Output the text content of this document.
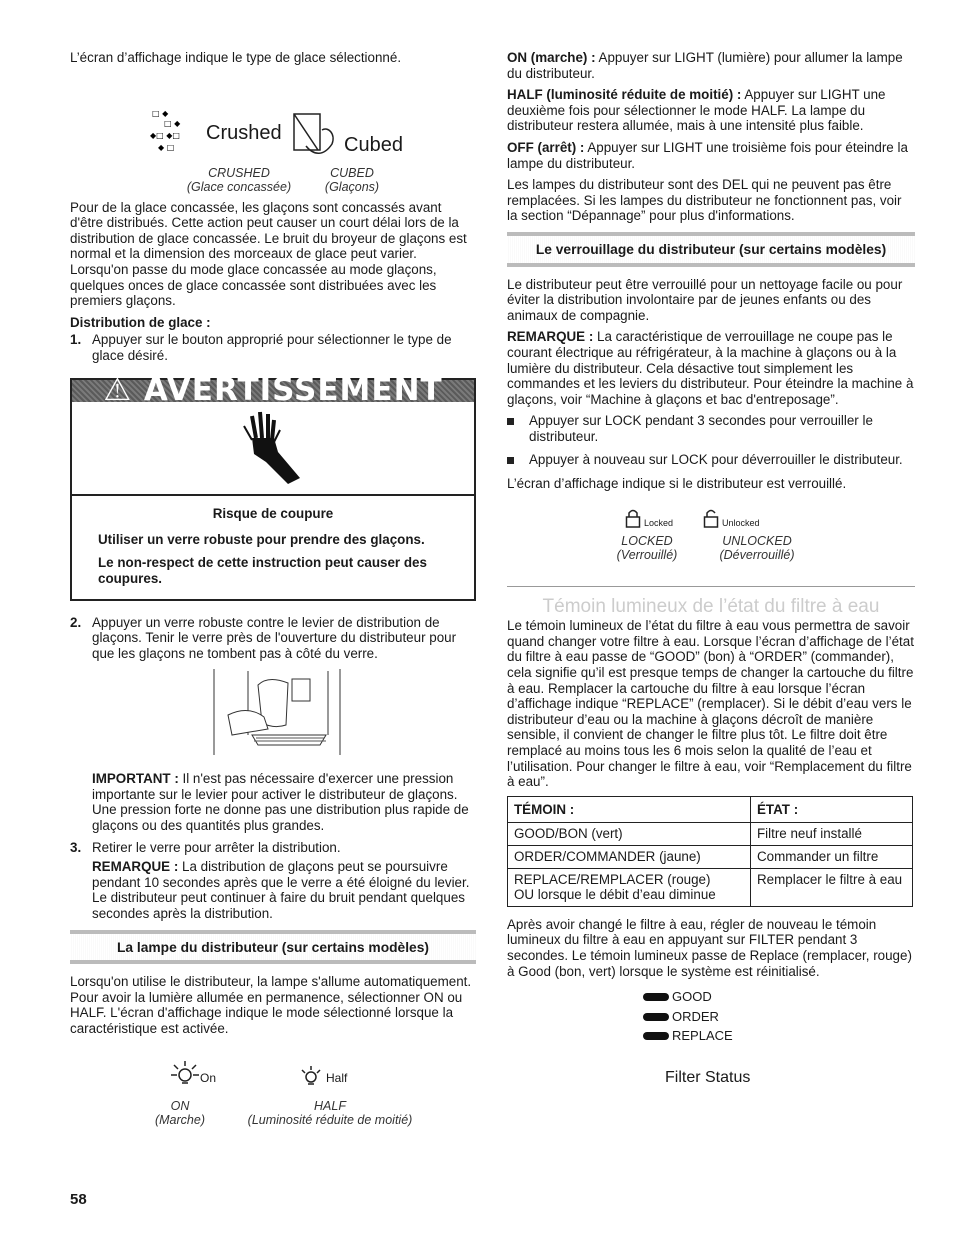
L’écran d’affichage indique le type de glace sélectionné.

□ ◆
□ ◆
◆□ ◆□
◆ □
Crushed
Cubed
CRUSHED
(Glace concassée)
CUBED
(Glaçons)

Pour de la glace concassée, les glaçons sont concassés avant d'être distribués. Cette action peut causer un court délai lors de la distribution de glace concassée. Le bruit du broyeur de glaçons est normal et la dimension des morceaux de glace peut varier. Lorsqu'on passe du mode glace concassée au mode glaçons, quelques onces de glace concassée sont distribuées avec les premiers glaçons.

Distribution de glace :

1. Appuyer sur le bouton approprié pour sélectionner le type de glace désiré.
⚠ AVERTISSEMENT

Risque de coupure

Utiliser un verre robuste pour prendre des glaçons.

Le non-respect de cette instruction peut causer des coupures.

2. Appuyer un verre robuste contre le levier de distribution de glaçons. Tenir le verre près de l'ouverture du distributeur pour que les glaçons ne tombent pas à côté du verre.

IMPORTANT : Il n'est pas nécessaire d'exercer une pression importante sur le levier pour activer le distributeur de glaçons. Une pression forte ne donne pas une distribution plus rapide de glaçons ou des quantités plus grandes.

3. Retirer le verre pour arrêter la distribution.

REMARQUE : La distribution de glaçons peut se poursuivre pendant 10 secondes après que le verre a été éloigné du levier. Le distributeur peut continuer à faire du bruit pendant quelques secondes après la distribution.

La lampe du distributeur (sur certains modèles)

Lorsqu'on utilise le distributeur, la lampe s'allume automatiquement. Pour avoir la lumière allumée en permanence, sélectionner ON ou HALF. L'écran d'affichage indique le mode sélectionné lorsque la caractéristique est activée.

On	Half
ON
(Marche)
HALF
(Luminosité réduite de moitié)

ON (marche) : Appuyer sur LIGHT (lumière) pour allumer la lampe du distributeur.

HALF (luminosité réduite de moitié) : Appuyer sur LIGHT une deuxième fois pour sélectionner le mode HALF. La lampe du distributeur restera allumée, mais à une intensité plus faible.

OFF (arrêt) : Appuyer sur LIGHT une troisième fois pour éteindre la lampe du distributeur.

Les lampes du distributeur sont des DEL qui ne peuvent pas être remplacées. Si les lampes du distributeur ne fonctionnent pas, voir la section “Dépannage” pour plus d'informations.

Le verrouillage du distributeur (sur certains modèles)

Le distributeur peut être verrouillé pour un nettoyage facile ou pour éviter la distribution involontaire par de jeunes enfants ou des animaux de compagnie.

REMARQUE : La caractéristique de verrouillage ne coupe pas le courant électrique au réfrigérateur, à la machine à glaçons ou à la lumière du distributeur. Cela désactive tout simplement les commandes et les leviers du distributeur. Pour éteindre la machine à glaçons, voir “Machine à glaçons et bac d'entreposage”.

Appuyer sur LOCK pendant 3 secondes pour verrouiller le distributeur.
Appuyer à nouveau sur LOCK pour déverrouiller le distributeur.

L’écran d’affichage indique si le distributeur est verrouillé.

Locked	Unlocked
LOCKED
(Verrouillé)
UNLOCKED
(Déverrouillé)
Témoin lumineux de l’état du filtre à eau

Le témoin lumineux de l’état du filtre à eau vous permettra de savoir quand changer votre filtre à eau. Lorsque l’écran d’affichage de l’état du filtre à eau passe de “GOOD” (bon) à “ORDER” (commander), cela signifie qu’il est presque temps de changer la cartouche du filtre à eau. Remplacer la cartouche du filtre à eau lorsque l’écran d’affichage indique “REPLACE” (remplacer). Si le débit d’eau vers le distributeur d’eau ou la machine à glaçons décroît de manière sensible, il convient de changer le filtre plus tôt. Le filtre doit être remplacé au moins tous les 6 mois selon la qualité de l’eau et l’utilisation. Pour changer le filtre à eau, voir “Remplacement du filtre à eau”.

TÉMOIN :	ÉTAT :
GOOD/BON (vert)	Filtre neuf installé
ORDER/COMMANDER (jaune)	Commander un filtre
REPLACE/REMPLACER (rouge)
OU lorsque le débit d’eau diminue	Remplacer le filtre à eau

Après avoir changé le filtre à eau, régler de nouveau le témoin lumineux du filtre à eau en appuyant sur FILTER pendant 3 secondes. Le témoin lumineux passe de Replace (remplacer, rouge) à Good (bon, vert) lorsque le système est réinitialisé.

GOOD
ORDER
REPLACE
Filter Status
58
